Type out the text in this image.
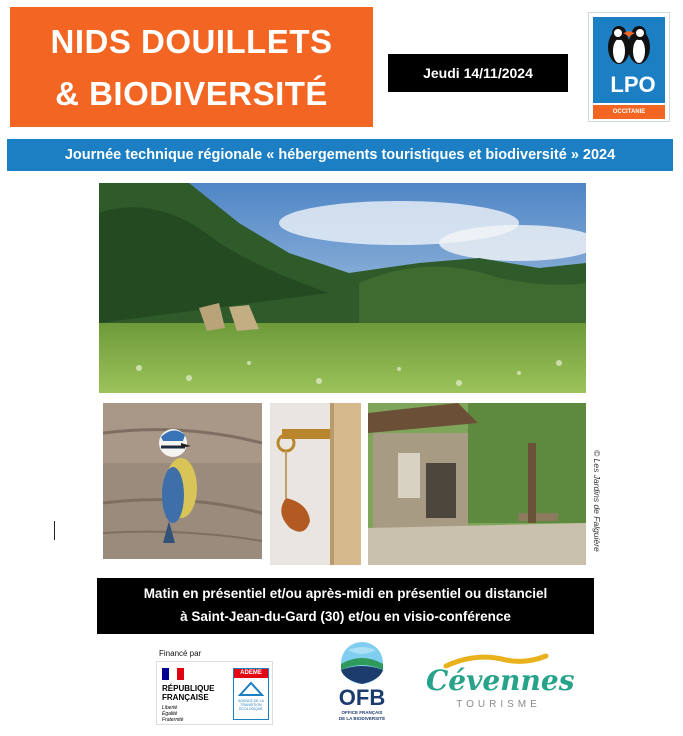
NIDS DOUILLETS
& BIODIVERSITÉ
Jeudi 14/11/2024	LPO
OCCITANIE
Journée technique régionale « hébergements touristiques et biodiversité » 2024
© Les Jardins de Falguière
Matin en présentiel et/ou après-midi en présentiel ou distanciel
à Saint-Jean-du-Gard (30) et/ou en visio-conférence
Financé par
RÉPUBLIQUE
FRANÇAISE
Liberté
Égalité
Fraternité
ADEME
AGENCE DE LA TRANSITION ÉCOLOGIQUE	OFB
OFFICE FRANÇAIS
DE LA BIODIVERSITÉ
Cévennes
TOURISME
